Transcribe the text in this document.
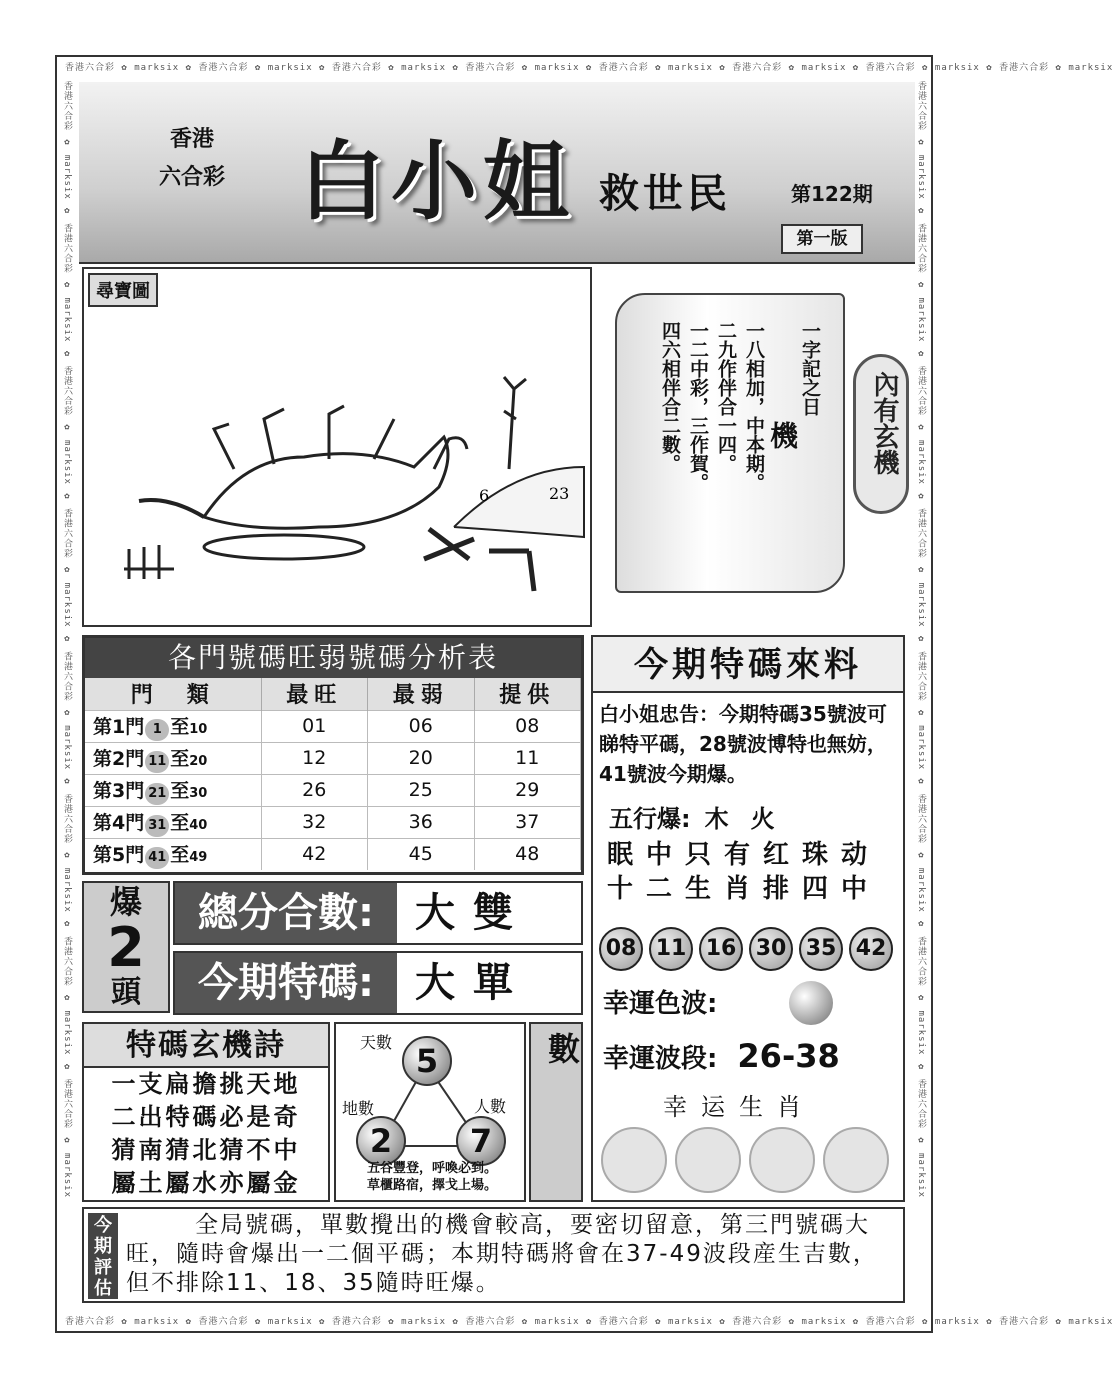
香港六合彩 ✿ marksix ✿ 香港六合彩 ✿ marksix ✿ 香港六合彩 ✿ marksix ✿ 香港六合彩 ✿ marksix ✿ 香港六合彩 ✿ marksix ✿ 香港六合彩 ✿ marksix ✿ 香港六合彩 ✿ marksix ✿ 香港六合彩 ✿ marksix
香港六合彩 ✿ marksix ✿ 香港六合彩 ✿ marksix ✿ 香港六合彩 ✿ marksix ✿ 香港六合彩 ✿ marksix ✿ 香港六合彩 ✿ marksix ✿ 香港六合彩 ✿ marksix ✿ 香港六合彩 ✿ marksix ✿ 香港六合彩 ✿ marksix
香港六合彩 ✿ marksix ✿ 香港六合彩 ✿ marksix ✿ 香港六合彩 ✿ marksix ✿ 香港六合彩 ✿ marksix ✿ 香港六合彩 ✿ marksix ✿ 香港六合彩 ✿ marksix ✿ 香港六合彩 ✿ marksix ✿ 香港六合彩 ✿ marksix	香港六合彩 ✿ marksix ✿ 香港六合彩 ✿ marksix ✿ 香港六合彩 ✿ marksix ✿ 香港六合彩 ✿ marksix ✿ 香港六合彩 ✿ marksix ✿ 香港六合彩 ✿ marksix ✿ 香港六合彩 ✿ marksix ✿ 香港六合彩 ✿ marksix
香港
六合彩 白小姐 救世民	第122期
第一版
尋寶圖
6	23
一字記之日
機
一八相加，中本期。
二九作伴合一四。
一二中彩，三作賀。
四六相伴合二數。	內有玄機
各門號碼旺弱號碼分析表
門　類	最旺	最弱	提供
第1門 1 至10	01	06	08
第2門 11 至20	12	20	11
第3門 21 至30	26	25	29
第4門 31 至40	32	36	37
第5門 41 至49	42	45	48
爆
2
頭
總分合數:	大雙
今期特碼:	大單
特碼玄機詩
一支扁擔挑天地
二出特碼必是奇
猜南猜北猜不中
屬土屬水亦屬金
天數 5
地數
2
人數
7
五谷豐登，呼喚必到。
草櫃路宿，擇戈上場。
數
今期特碼來料
白小姐忠告：今期特碼35號波可睇特平碼，28號波博特也無妨，41號波今期爆。
五行爆: 木火
眠中只有红珠动
十二生肖排四中
08 11 16 30 35 42
幸運色波:
幸運波段: 26-38
幸运生肖
今期評估
全局號碼，單數攪出的機會較高，要密切留意，第三門號碼大旺，隨時會爆出一二個平碼；本期特碼將會在37-49波段産生吉數，但不排除11、18、35隨時旺爆。
